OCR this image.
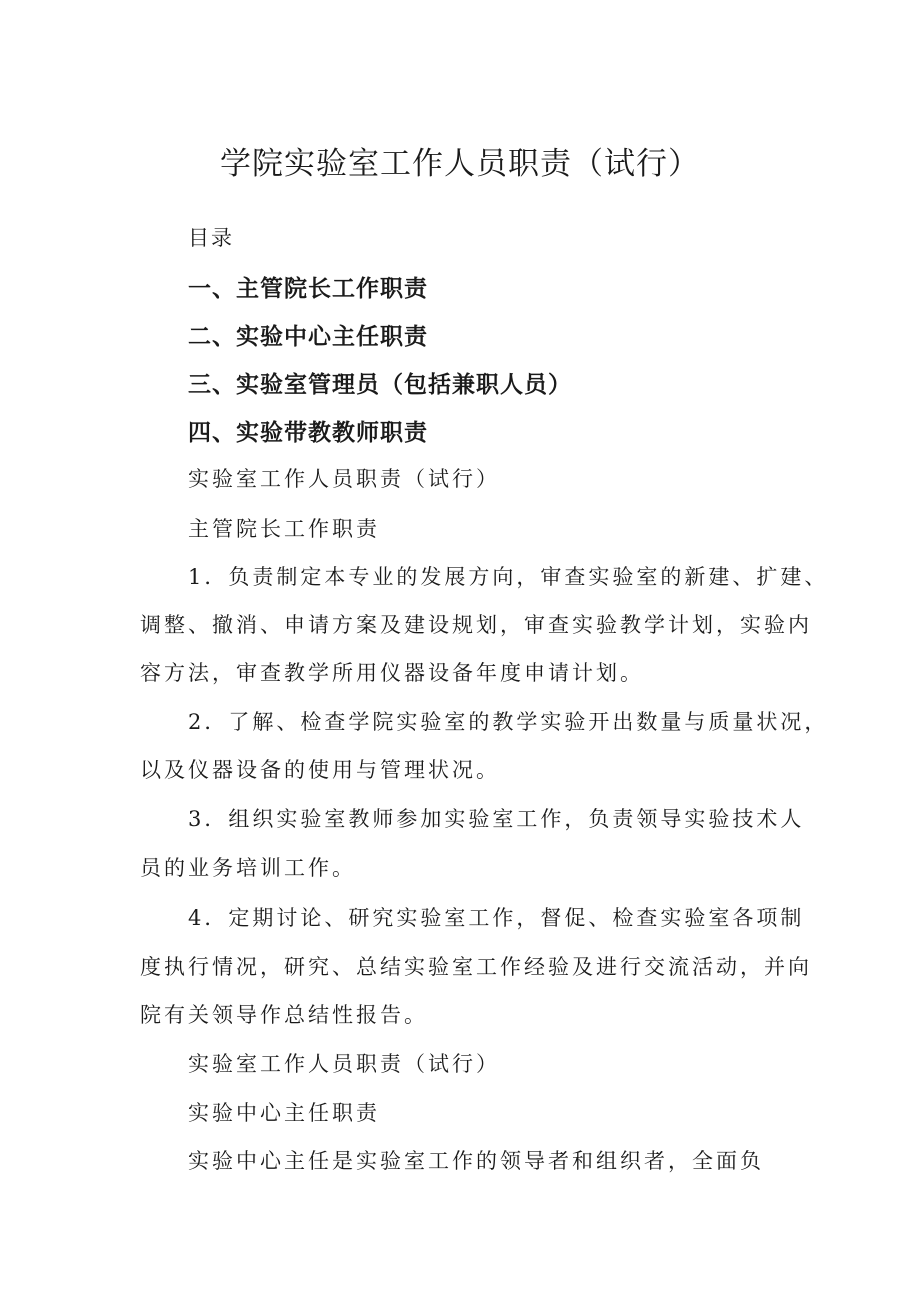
学院实验室工作人员职责（试行）

目录

一、主管院长工作职责

二、实验中心主任职责

三、实验室管理员（包括兼职人员）

四、实验带教教师职责

实验室工作人员职责（试行）

主管院长工作职责

1．负责制定本专业的发展方向，审查实验室的新建、扩建、

调整、撤消、申请方案及建设规划，审查实验教学计划，实验内

容方法，审查教学所用仪器设备年度申请计划。

2．了解、检查学院实验室的教学实验开出数量与质量状况，

以及仪器设备的使用与管理状况。

3．组织实验室教师参加实验室工作，负责领导实验技术人

员的业务培训工作。

4．定期讨论、研究实验室工作，督促、检查实验室各项制

度执行情况，研究、总结实验室工作经验及进行交流活动，并向

院有关领导作总结性报告。

实验室工作人员职责（试行）

实验中心主任职责

实验中心主任是实验室工作的领导者和组织者，全面负
